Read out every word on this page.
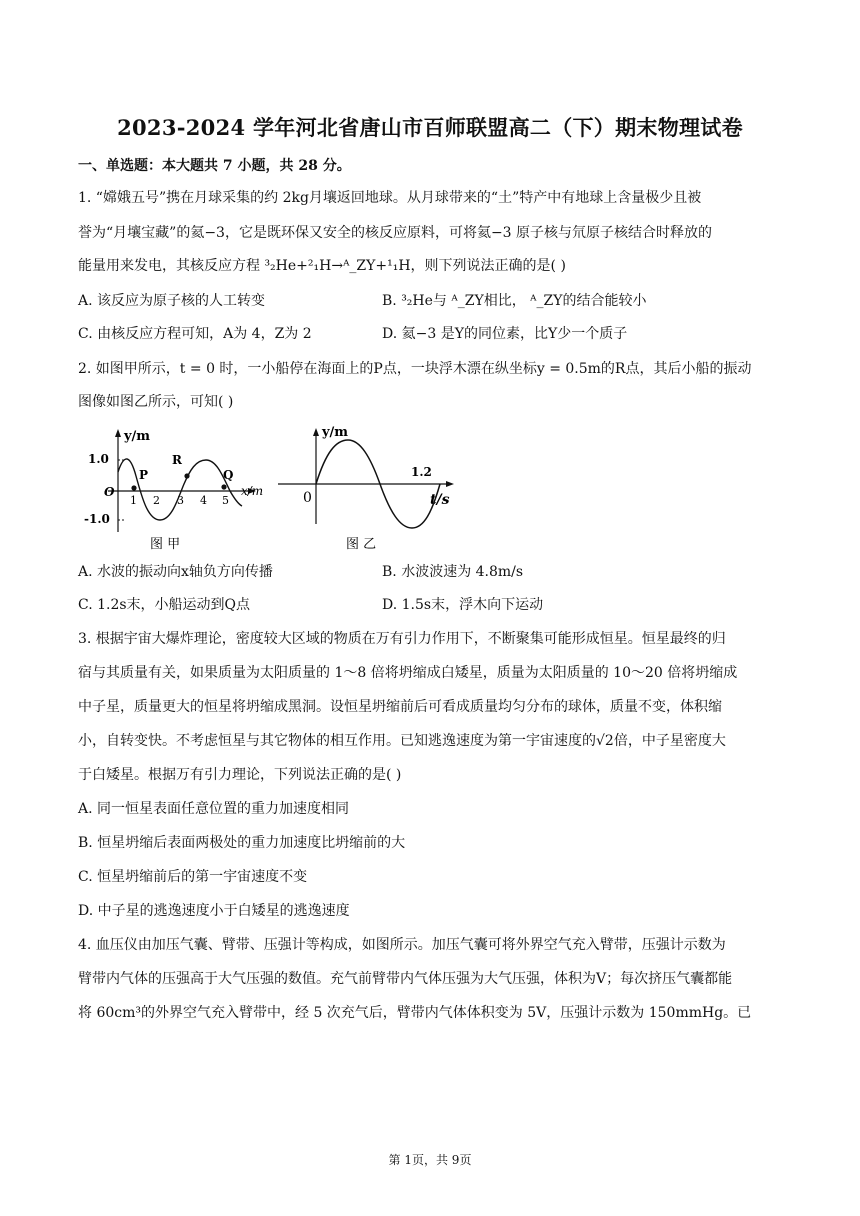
2023-2024 学年河北省唐山市百师联盟高二（下）期末物理试卷
一、单选题：本大题共 7 小题，共 28 分。
1. “嫦娥五号”携在月球采集的约 2kg月壤返回地球。从月球带来的“土”特产中有地球上含量极少且被
誉为“月壤宝藏”的氦−3，它是既环保又安全的核反应原料，可将氦−3 原子核与氘原子核结合时释放的
能量用来发电，其核反应方程 ³₂He+²₁H→ᴬ_ZY+¹₁H，则下列说法正确的是( )
A. 该反应为原子核的人工转变	B. ³₂He与 ᴬ_ZY相比， ᴬ_ZY的结合能较小
C. 由核反应方程可知，A为 4，Z为 2	D. 氦−3 是Y的同位素，比Y少一个质子
2. 如图甲所示，t = 0 时，一小船停在海面上的P点，一块浮木漂在纵坐标y = 0.5m的R点，其后小船的振动
图像如图乙所示，可知( )
y/m
x/m
1.0
-1.0
O
1 2 3 4 5
P
R
Q
图 甲
y/m
t/s
0
1.2
图 乙
A. 水波的振动向x轴负方向传播	B. 水波波速为 4.8m/s
C. 1.2s末，小船运动到Q点	D. 1.5s末，浮木向下运动
3. 根据宇宙大爆炸理论，密度较大区域的物质在万有引力作用下，不断聚集可能形成恒星。恒星最终的归
宿与其质量有关，如果质量为太阳质量的 1～8 倍将坍缩成白矮星，质量为太阳质量的 10～20 倍将坍缩成
中子星，质量更大的恒星将坍缩成黑洞。设恒星坍缩前后可看成质量均匀分布的球体，质量不变，体积缩
小，自转变快。不考虑恒星与其它物体的相互作用。已知逃逸速度为第一宇宙速度的√2倍，中子星密度大
于白矮星。根据万有引力理论，下列说法正确的是( )
A. 同一恒星表面任意位置的重力加速度相同
B. 恒星坍缩后表面两极处的重力加速度比坍缩前的大
C. 恒星坍缩前后的第一宇宙速度不变
D. 中子星的逃逸速度小于白矮星的逃逸速度
4. 血压仪由加压气囊、臂带、压强计等构成，如图所示。加压气囊可将外界空气充入臂带，压强计示数为
臂带内气体的压强高于大气压强的数值。充气前臂带内气体压强为大气压强，体积为V；每次挤压气囊都能
将 60cm³的外界空气充入臂带中，经 5 次充气后，臂带内气体体积变为 5V，压强计示数为 150mmHg。已
第 1页，共 9页
